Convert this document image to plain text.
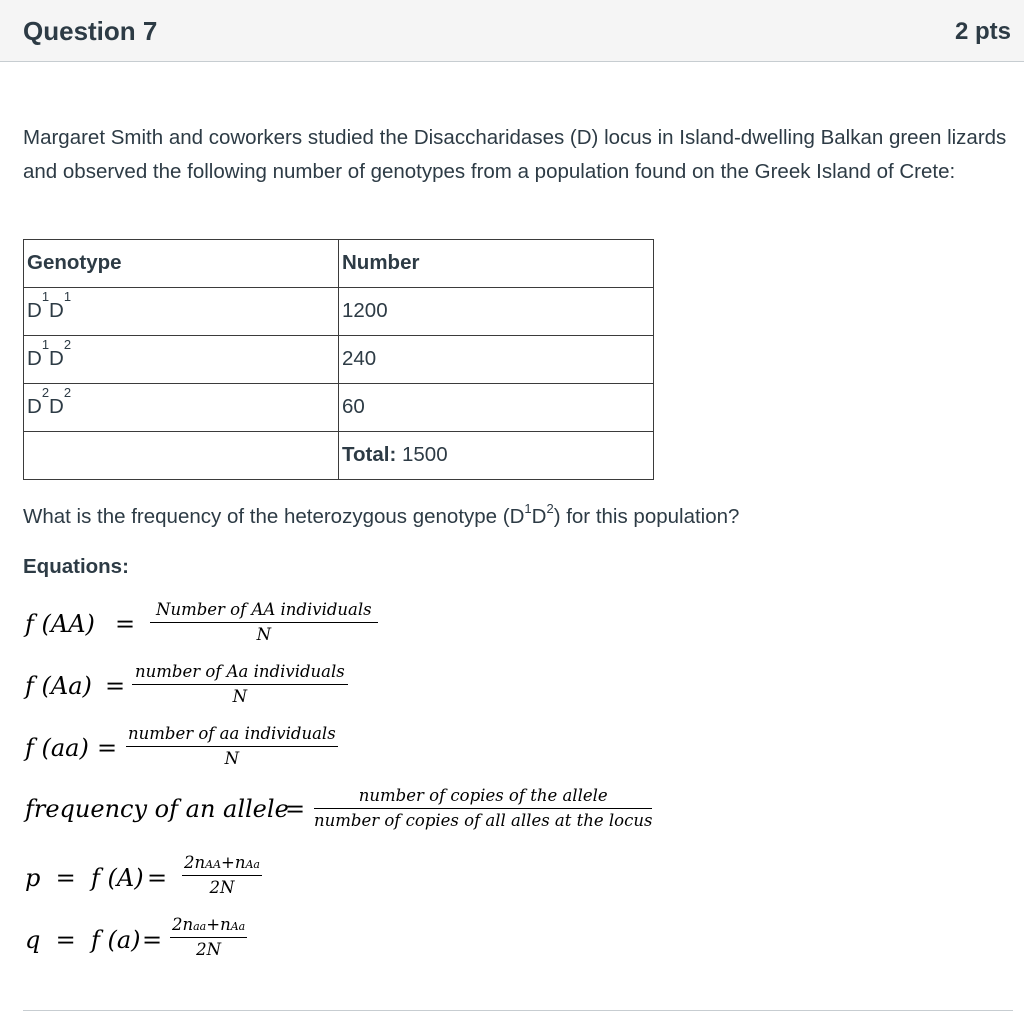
Question 7	2 pts
Margaret Smith and coworkers studied the Disaccharidases (D) locus in Island-dwelling Balkan green lizards and observed the following number of genotypes from a population found on the Greek Island of Crete:
Genotype	Number
$D^1D^1$	1200
$D^1D^2$	240
$D^2D^2$	60
	Total: 1500
What is the frequency of the heterozygous genotype $(D^1D^2)$ for this population?
Equations:
f (AA) =
Number of AA individuals
N
f (Aa) =
number of Aa individuals
N
f (aa) =
number of aa individuals
N
frequency of an allele
=	number of copies of the allele
number of copies of all alles at the locus
p  =  f (A) =
2nAA+nAa
2N
q  =  f (a) =
2naa+nAa
2N
